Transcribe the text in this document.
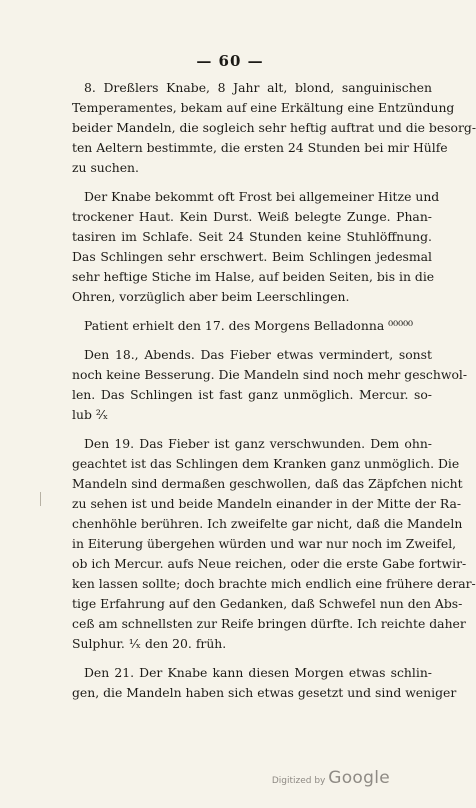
— 60 —
8. Dreßlers Knabe, 8 Jahr alt, blond, sanguinischen
Temperamentes, bekam auf eine Erkältung eine Entzündung
beider Mandeln, die sogleich sehr heftig auftrat und die besorg-
ten Aeltern bestimmte, die ersten 24 Stunden bei mir Hülfe
zu suchen.
Der Knabe bekommt oft Frost bei allgemeiner Hitze und
trockener Haut. Kein Durst. Weiß belegte Zunge. Phan-
tasiren im Schlafe. Seit 24 Stunden keine Stuhlöffnung.
Das Schlingen sehr erschwert. Beim Schlingen jedesmal
sehr heftige Stiche im Halse, auf beiden Seiten, bis in die
Ohren, vorzüglich aber beim Leerschlingen.
Patient erhielt den 17. des Morgens Belladonna ⁰⁰⁰⁰⁰
Den 18., Abends. Das Fieber etwas vermindert, sonst
noch keine Besserung. Die Mandeln sind noch mehr geschwol-
len. Das Schlingen ist fast ganz unmöglich. Mercur. so-
lub ²⁄ₓ
Den 19. Das Fieber ist ganz verschwunden. Dem ohn-
geachtet ist das Schlingen dem Kranken ganz unmöglich. Die
Mandeln sind dermaßen geschwollen, daß das Zäpfchen nicht
zu sehen ist und beide Mandeln einander in der Mitte der Ra-
chenhöhle berühren. Ich zweifelte gar nicht, daß die Mandeln
in Eiterung übergehen würden und war nur noch im Zweifel,
ob ich Mercur. aufs Neue reichen, oder die erste Gabe fortwir-
ken lassen sollte; doch brachte mich endlich eine frühere derar-
tige Erfahrung auf den Gedanken, daß Schwefel nun den Abs-
ceß am schnellsten zur Reife bringen dürfte. Ich reichte daher
Sulphur. ⅟ₓ den 20. früh.
Den 21. Der Knabe kann diesen Morgen etwas schlin-
gen, die Mandeln haben sich etwas gesetzt und sind weniger
Digitized by Google
